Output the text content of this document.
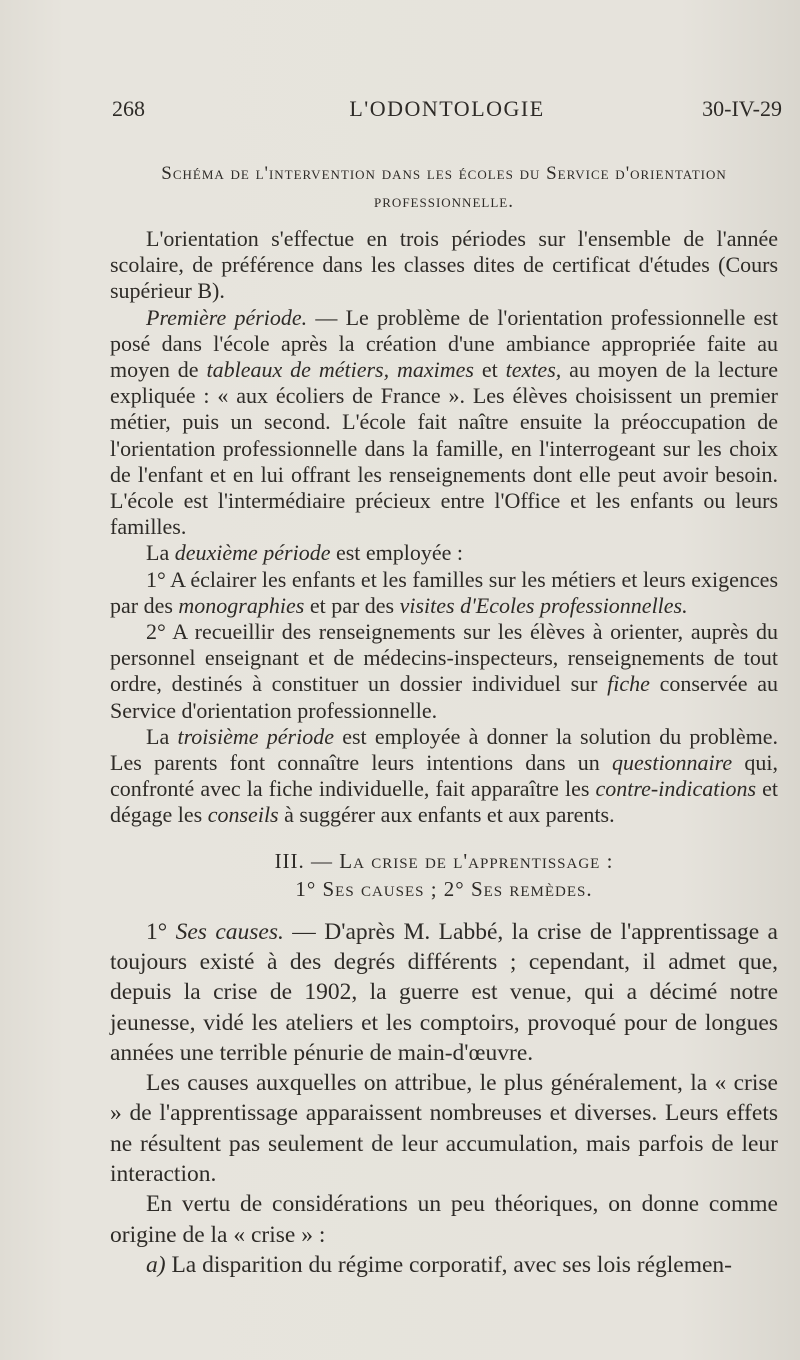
268	L'ODONTOLOGIE	30-IV-29
Schéma de l'intervention dans les écoles du Service d'orientation
professionnelle.

L'orientation s'effectue en trois périodes sur l'ensemble de l'année scolaire, de préférence dans les classes dites de certificat d'études (Cours supérieur B).

Première période. — Le problème de l'orientation professionnelle est posé dans l'école après la création d'une ambiance appropriée faite au moyen de tableaux de métiers, maximes et textes, au moyen de la lecture expliquée : « aux écoliers de France ». Les élèves choisissent un premier métier, puis un second. L'école fait naître ensuite la préoccupation de l'orientation professionnelle dans la famille, en l'interrogeant sur les choix de l'enfant et en lui offrant les renseignements dont elle peut avoir besoin. L'école est l'intermédiaire précieux entre l'Office et les enfants ou leurs familles.

La deuxième période est employée :

1° A éclairer les enfants et les familles sur les métiers et leurs exigences par des monographies et par des visites d'Ecoles professionnelles.

2° A recueillir des renseignements sur les élèves à orienter, auprès du personnel enseignant et de médecins-inspecteurs, renseignements de tout ordre, destinés à constituer un dossier individuel sur fiche conservée au Service d'orientation professionnelle.

La troisième période est employée à donner la solution du problème. Les parents font connaître leurs intentions dans un questionnaire qui, confronté avec la fiche individuelle, fait apparaître les contre-indications et dégage les conseils à suggérer aux enfants et aux parents.

III. — La crise de l'apprentissage :
1° Ses causes ; 2° Ses remèdes.

1° Ses causes. — D'après M. Labbé, la crise de l'apprentissage a toujours existé à des degrés différents ; cependant, il admet que, depuis la crise de 1902, la guerre est venue, qui a décimé notre jeunesse, vidé les ateliers et les comptoirs, provoqué pour de longues années une terrible pénurie de main-d'œuvre.

Les causes auxquelles on attribue, le plus généralement, la « crise » de l'apprentissage apparaissent nombreuses et diverses. Leurs effets ne résultent pas seulement de leur accumulation, mais parfois de leur interaction.

En vertu de considérations un peu théoriques, on donne comme origine de la « crise » :

a) La disparition du régime corporatif, avec ses lois réglemen-
